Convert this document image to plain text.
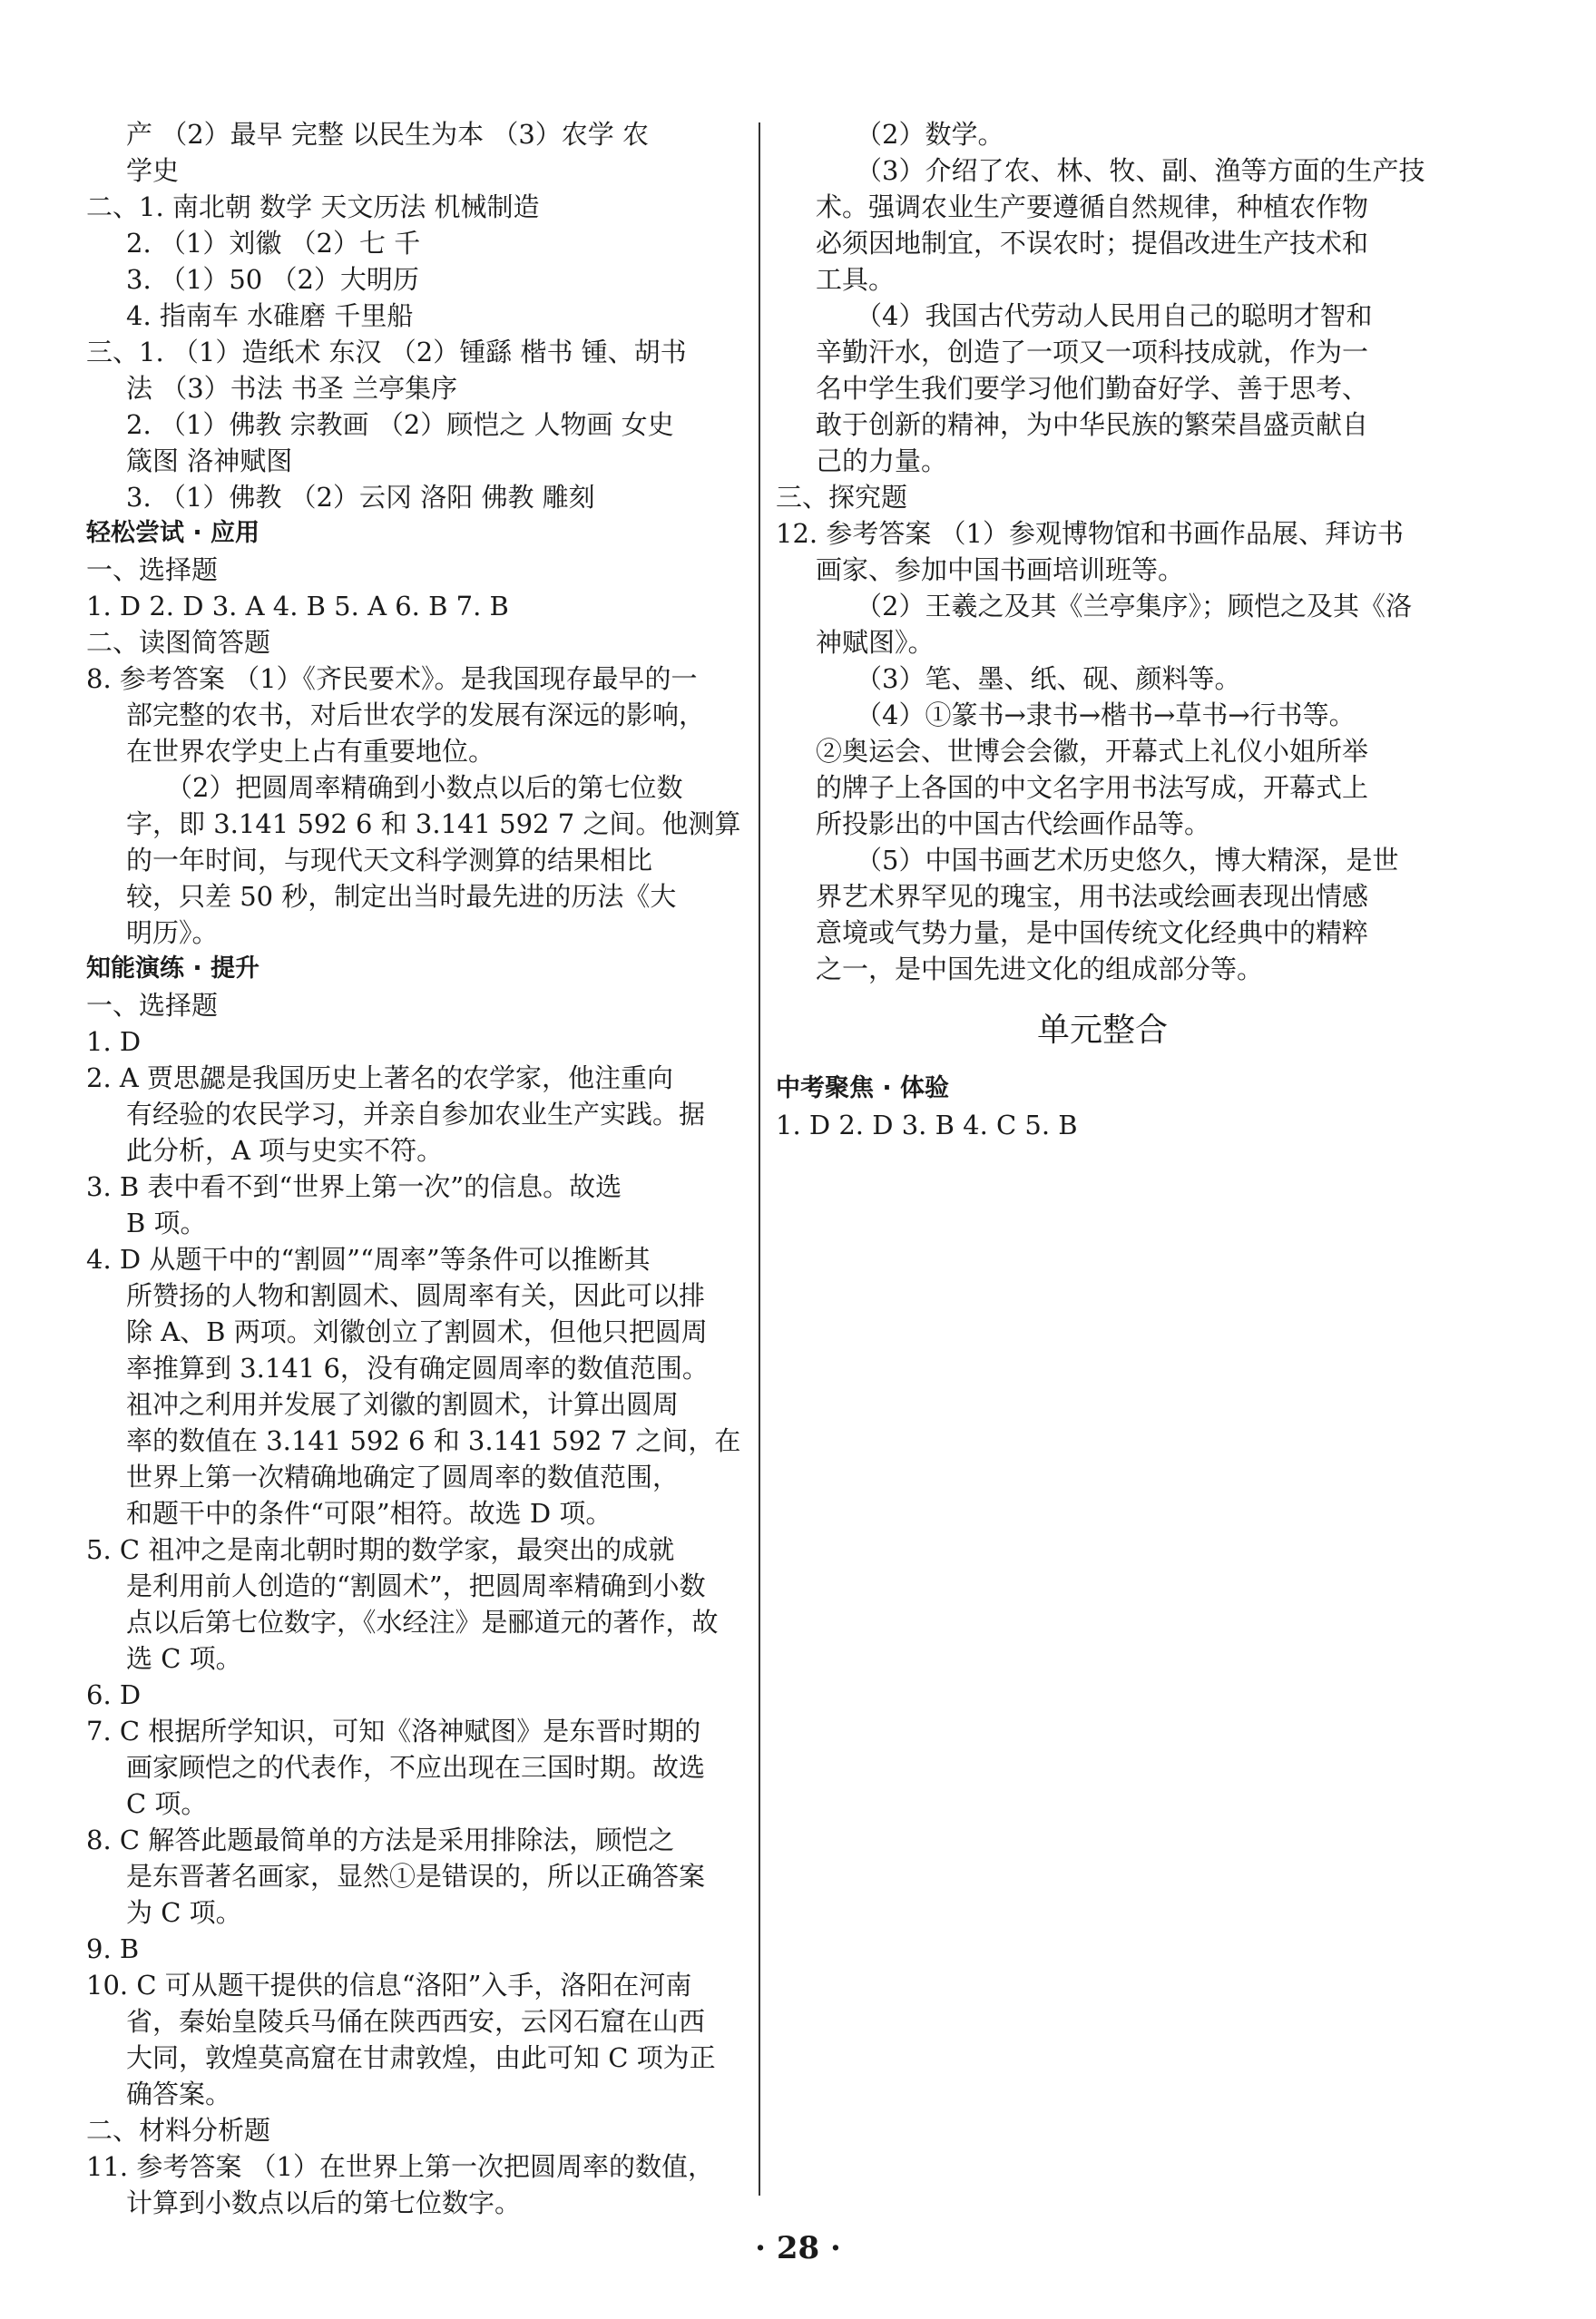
产 （2）最早 完整 以民生为本 （3）农学 农
学史
二、1. 南北朝 数学 天文历法 机械制造
2. （1）刘徽 （2）七 千
3. （1）50 （2）大明历
4. 指南车 水碓磨 千里船
三、1. （1）造纸术 东汉 （2）锺繇 楷书 锺、胡书
法 （3）书法 书圣 兰亭集序
2. （1）佛教 宗教画 （2）顾恺之 人物画 女史
箴图 洛神赋图
3. （1）佛教 （2）云冈 洛阳 佛教 雕刻
轻松尝试 · 应用
一、选择题
1. D 2. D 3. A 4. B 5. A 6. B 7. B
二、读图简答题
8. 参考答案 （1）《齐民要术》。是我国现存最早的一
部完整的农书，对后世农学的发展有深远的影响，
在世界农学史上占有重要地位。
（2）把圆周率精确到小数点以后的第七位数
字，即 3.141 592 6 和 3.141 592 7 之间。他测算
的一年时间，与现代天文科学测算的结果相比
较，只差 50 秒，制定出当时最先进的历法《大
明历》。
知能演练 · 提升
一、选择题
1. D
2. A 贾思勰是我国历史上著名的农学家，他注重向
有经验的农民学习，并亲自参加农业生产实践。据
此分析，A 项与史实不符。
3. B 表中看不到“世界上第一次”的信息。故选
B 项。
4. D 从题干中的“割圆”“周率”等条件可以推断其
所赞扬的人物和割圆术、圆周率有关，因此可以排
除 A、B 两项。刘徽创立了割圆术，但他只把圆周
率推算到 3.141 6，没有确定圆周率的数值范围。
祖冲之利用并发展了刘徽的割圆术，计算出圆周
率的数值在 3.141 592 6 和 3.141 592 7 之间，在
世界上第一次精确地确定了圆周率的数值范围，
和题干中的条件“可限”相符。故选 D 项。
5. C 祖冲之是南北朝时期的数学家，最突出的成就
是利用前人创造的“割圆术”，把圆周率精确到小数
点以后第七位数字，《水经注》是郦道元的著作，故
选 C 项。
6. D
7. C 根据所学知识，可知《洛神赋图》是东晋时期的
画家顾恺之的代表作，不应出现在三国时期。故选
C 项。
8. C 解答此题最简单的方法是采用排除法，顾恺之
是东晋著名画家，显然①是错误的，所以正确答案
为 C 项。
9. B
10. C 可从题干提供的信息“洛阳”入手，洛阳在河南
省，秦始皇陵兵马俑在陕西西安，云冈石窟在山西
大同，敦煌莫高窟在甘肃敦煌，由此可知 C 项为正
确答案。
二、材料分析题
11. 参考答案 （1）在世界上第一次把圆周率的数值，
计算到小数点以后的第七位数字。
（2）数学。
（3）介绍了农、林、牧、副、渔等方面的生产技
术。强调农业生产要遵循自然规律，种植农作物
必须因地制宜，不误农时；提倡改进生产技术和
工具。
（4）我国古代劳动人民用自己的聪明才智和
辛勤汗水，创造了一项又一项科技成就，作为一
名中学生我们要学习他们勤奋好学、善于思考、
敢于创新的精神，为中华民族的繁荣昌盛贡献自
己的力量。
三、探究题
12. 参考答案 （1）参观博物馆和书画作品展、拜访书
画家、参加中国书画培训班等。
（2）王羲之及其《兰亭集序》；顾恺之及其《洛
神赋图》。
（3）笔、墨、纸、砚、颜料等。
（4）①篆书→隶书→楷书→草书→行书等。
②奥运会、世博会会徽，开幕式上礼仪小姐所举
的牌子上各国的中文名字用书法写成，开幕式上
所投影出的中国古代绘画作品等。
（5）中国书画艺术历史悠久，博大精深，是世
界艺术界罕见的瑰宝，用书法或绘画表现出情感
意境或气势力量，是中国传统文化经典中的精粹
之一，是中国先进文化的组成部分等。
单元整合
中考聚焦 · 体验
1. D 2. D 3. B 4. C 5. B
· 28 ·
